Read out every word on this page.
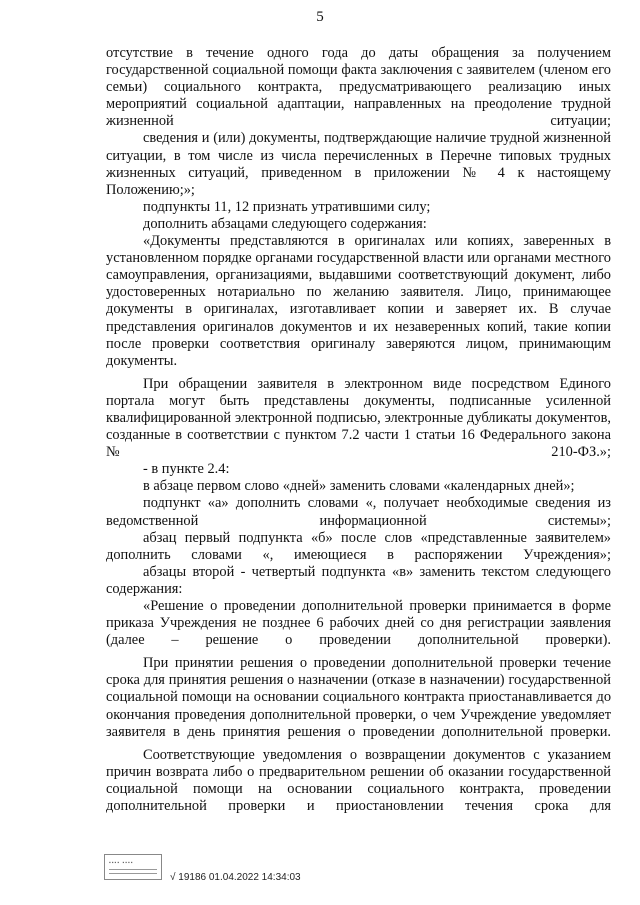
5

отсутствие в течение одного года до даты обращения за получением государственной социальной помощи факта заключения с заявителем (членом его семьи) социального контракта, предусматривающего реализацию иных мероприятий социальной адаптации, направленных на преодоление трудной жизненной ситуации;

сведения и (или) документы, подтверждающие наличие трудной жизненной ситуации, в том числе из числа перечисленных в Перечне типовых трудных жизненных ситуаций, приведенном в приложении № 4 к настоящему Положению;»;

подпункты 11, 12 признать утратившими силу;

дополнить абзацами следующего содержания:

«Документы представляются в оригиналах или копиях, заверенных в установленном порядке органами государственной власти или органами местного самоуправления, организациями, выдавшими соответствующий документ, либо удостоверенных нотариально по желанию заявителя. Лицо, принимающее документы в оригиналах, изготавливает копии и заверяет их. В случае представления оригиналов документов и их незаверенных копий, такие копии после проверки соответствия оригиналу заверяются лицом, принимающим документы.

При обращении заявителя в электронном виде посредством Единого портала могут быть представлены документы, подписанные усиленной квалифицированной электронной подписью, электронные дубликаты документов, созданные в соответствии с пунктом 7.2 части 1 статьи 16 Федерального закона № 210-ФЗ.»;

- в пункте 2.4:

в абзаце первом слово «дней» заменить словами «календарных дней»;

подпункт «а» дополнить словами «, получает необходимые сведения из ведомственной информационной системы»;

абзац первый подпункта «б» после слов «представленные заявителем» дополнить словами «, имеющиеся в распоряжении Учреждения»;

абзацы второй - четвертый подпункта «в» заменить текстом следующего содержания:

«Решение о проведении дополнительной проверки принимается в форме приказа Учреждения не позднее 6 рабочих дней со дня регистрации заявления (далее – решение о проведении дополнительной проверки).

При принятии решения о проведении дополнительной проверки течение срока для принятия решения о назначении (отказе в назначении) государственной социальной помощи на основании социального контракта приостанавливается до окончания проведения дополнительной проверки, о чем Учреждение уведомляет заявителя в день принятия решения о проведении дополнительной проверки.

Соответствующие уведомления о возвращении документов с указанием причин возврата либо о предварительном решении об оказании государственной социальной помощи на основании социального контракта, проведении дополнительной проверки и приостановлении течения срока для

▪▪▪▪ ▪▪▪▪
√ 19186 01.04.2022 14:34:03
